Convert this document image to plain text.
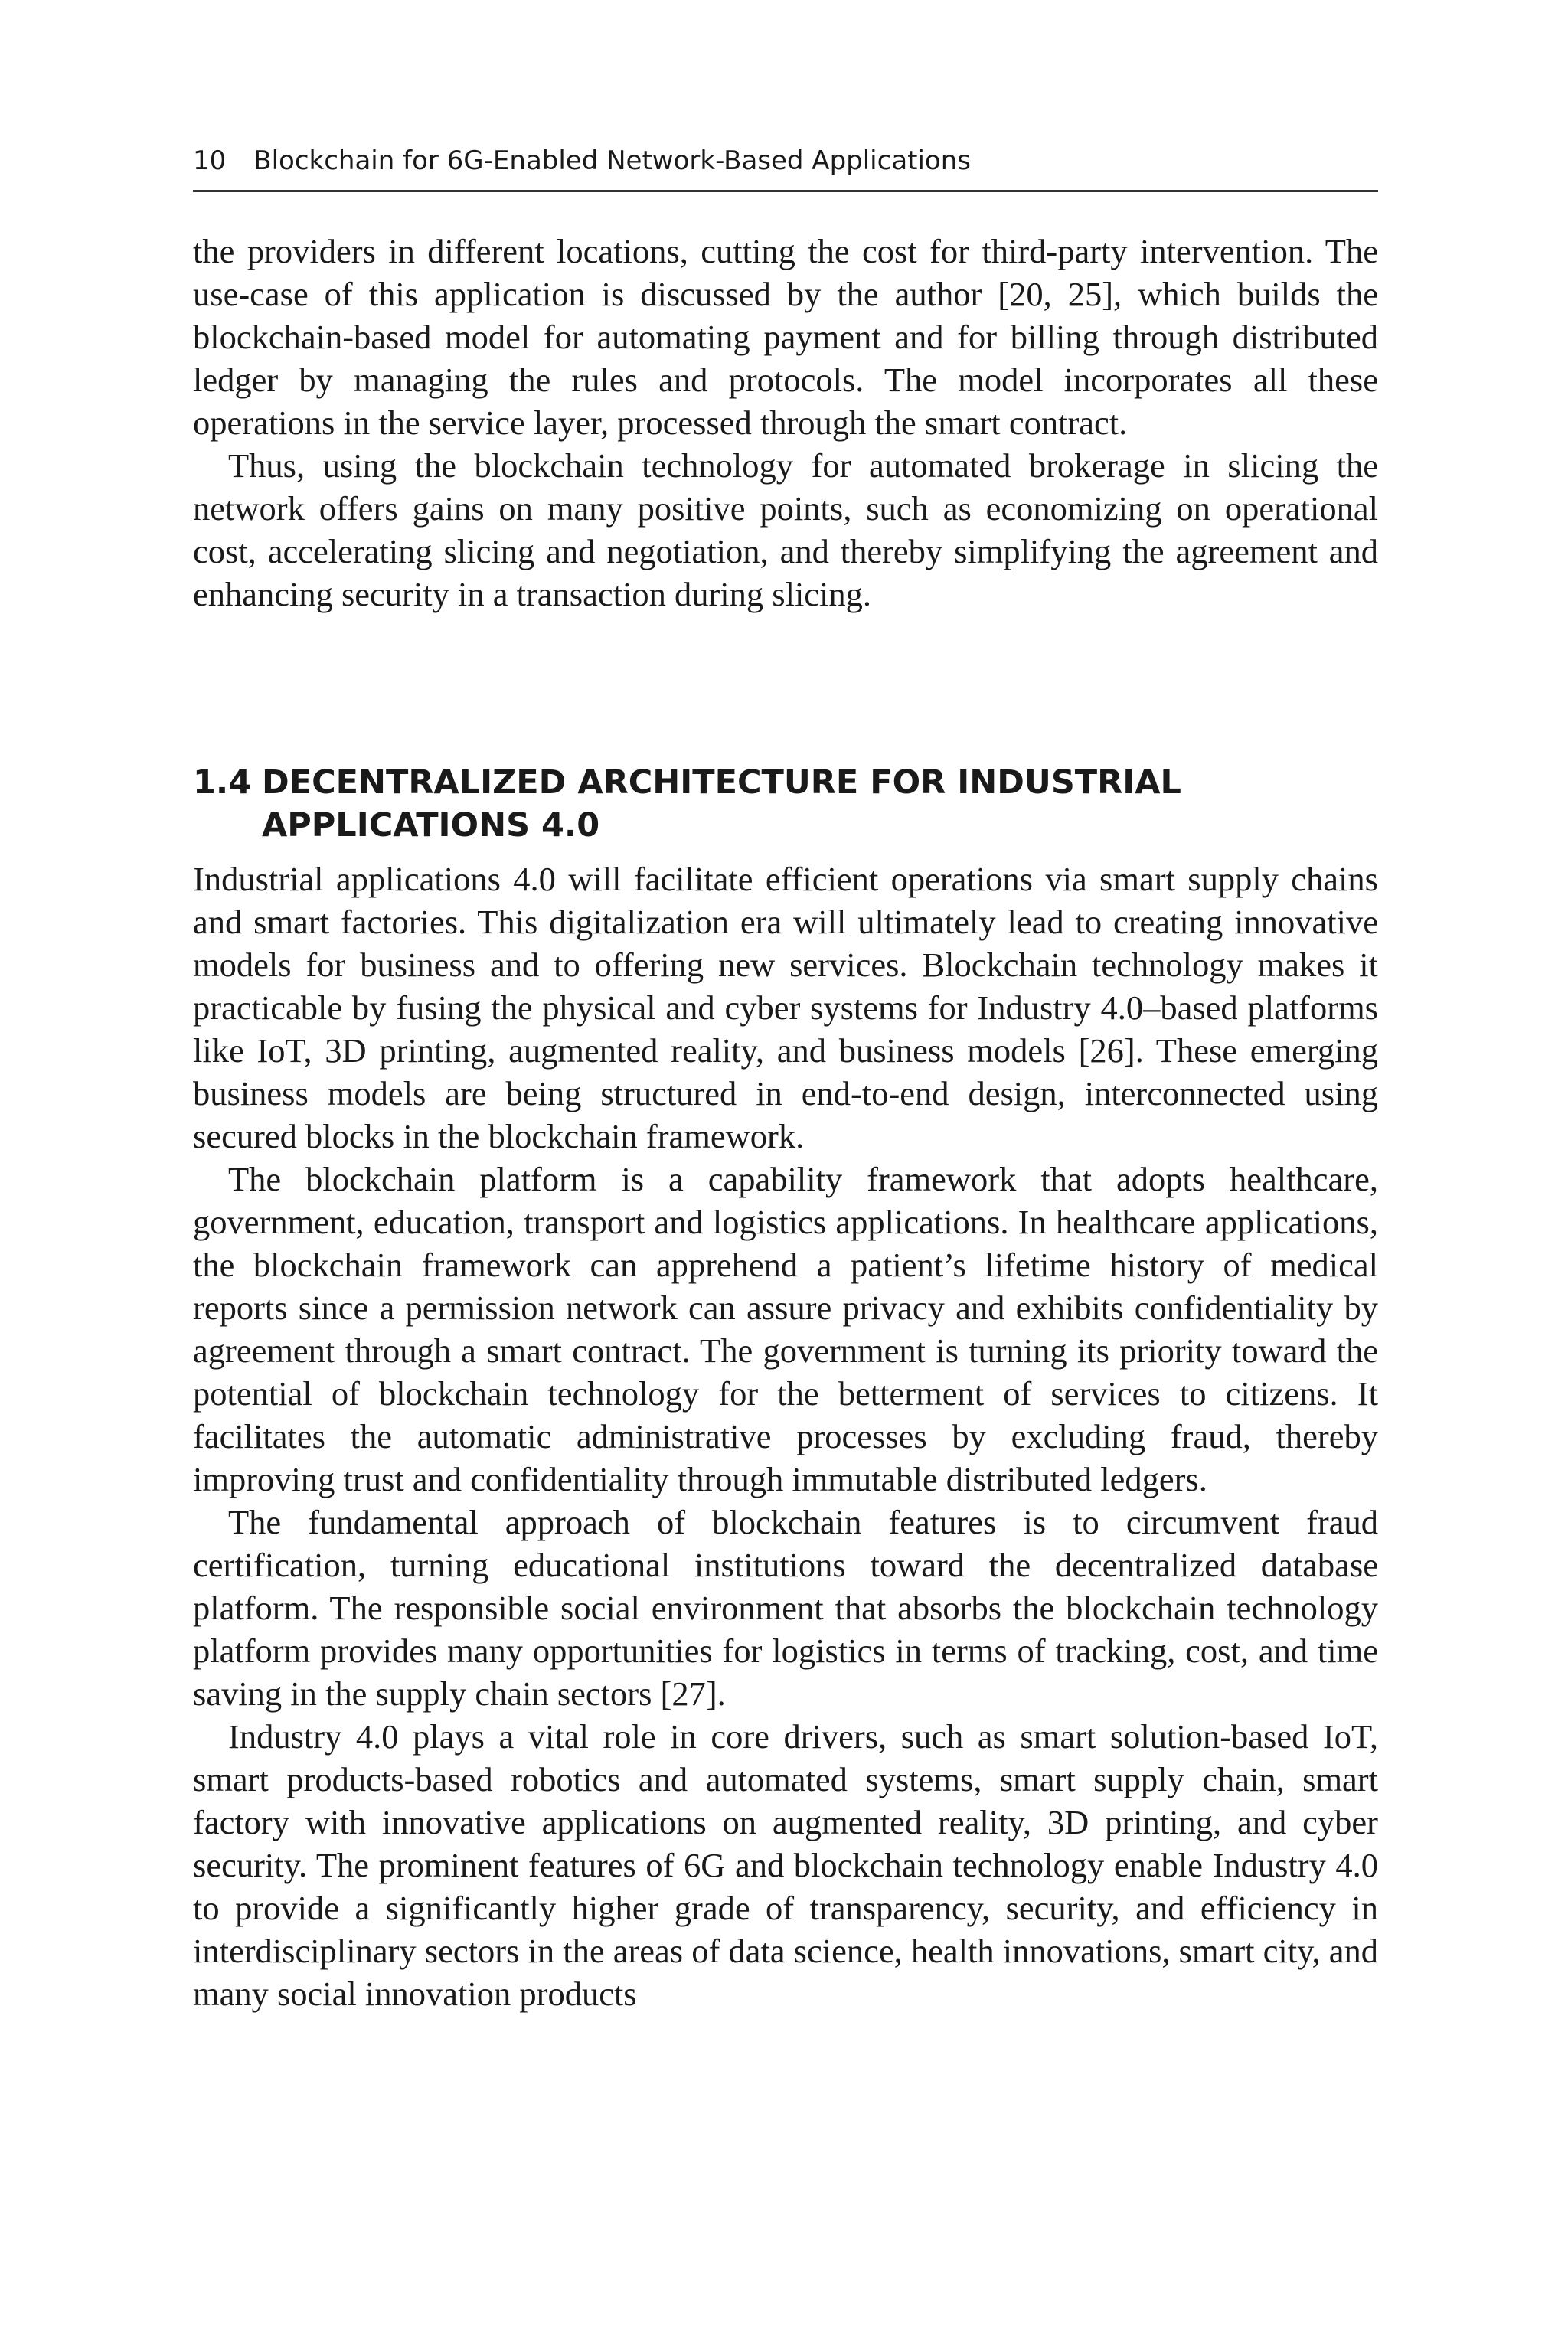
10 Blockchain for 6G-Enabled Network-Based Applications

the providers in different locations, cutting the cost for third-party intervention. The use-case of this application is discussed by the author [20, 25], which builds the blockchain-based model for automating payment and for billing through distributed ledger by managing the rules and protocols. The model incorporates all these operations in the service layer, processed through the smart contract.

Thus, using the blockchain technology for automated brokerage in slicing the network offers gains on many positive points, such as economizing on operational cost, accelerating slicing and negotiation, and thereby simplifying the agreement and enhancing security in a transaction during slicing.

1.4 DECENTRALIZED ARCHITECTURE FOR INDUSTRIAL APPLICATIONS 4.0

Industrial applications 4.0 will facilitate efficient operations via smart supply chains and smart factories. This digitalization era will ultimately lead to creating innovative models for business and to offering new services. Blockchain technology makes it practicable by fusing the physical and cyber systems for Industry 4.0–based platforms like IoT, 3D printing, augmented reality, and business models [26]. These emerging business models are being structured in end-to-end design, interconnected using secured blocks in the blockchain framework.

The blockchain platform is a capability framework that adopts healthcare, government, education, transport and logistics applications. In healthcare applications, the blockchain framework can apprehend a patient’s lifetime history of medical reports since a permission network can assure privacy and exhibits confidentiality by agreement through a smart contract. The government is turning its priority toward the potential of blockchain technology for the betterment of services to citizens. It facilitates the automatic administrative processes by excluding fraud, thereby improving trust and confidentiality through immutable distributed ledgers.

The fundamental approach of blockchain features is to circumvent fraud certification, turning educational institutions toward the decentralized database platform. The responsible social environment that absorbs the blockchain technology platform provides many opportunities for logistics in terms of tracking, cost, and time saving in the supply chain sectors [27].

Industry 4.0 plays a vital role in core drivers, such as smart solution-based IoT, smart products-based robotics and automated systems, smart supply chain, smart factory with innovative applications on augmented reality, 3D printing, and cyber security. The prominent features of 6G and blockchain technology enable Industry 4.0 to provide a significantly higher grade of transparency, security, and efficiency in interdisciplinary sectors in the areas of data science, health innovations, smart city, and many social innovation products
